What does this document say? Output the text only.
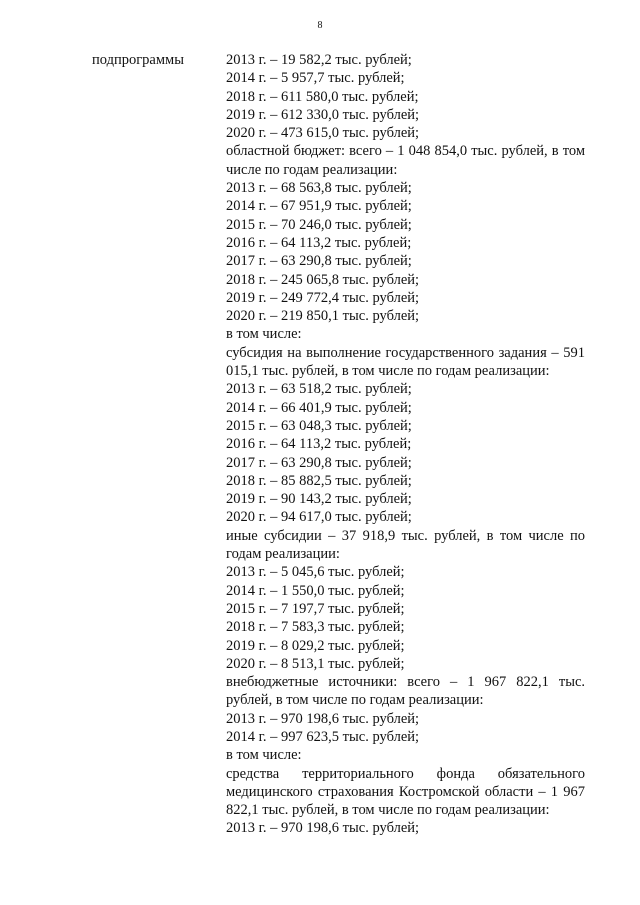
8
подпрограммы	2013 г. – 19 582,2 тыс. рублей;
2014 г. – 5 957,7 тыс. рублей;
2018 г. – 611 580,0 тыс. рублей;
2019 г. – 612 330,0 тыс. рублей;
2020 г. – 473 615,0 тыс. рублей;
областной бюджет: всего – 1 048 854,0 тыс. рублей, в том числе по годам реализации:
2013 г. – 68 563,8 тыс. рублей;
2014 г. – 67 951,9 тыс. рублей;
2015 г. – 70 246,0 тыс. рублей;
2016 г. – 64 113,2 тыс. рублей;
2017 г. – 63 290,8 тыс. рублей;
2018 г. – 245 065,8 тыс. рублей;
2019 г. – 249 772,4 тыс. рублей;
2020 г. – 219 850,1 тыс. рублей;
в том числе:
субсидия на выполнение государственного задания – 591 015,1 тыс. рублей, в том числе по годам реализации:
2013 г. – 63 518,2 тыс. рублей;
2014 г. – 66 401,9 тыс. рублей;
2015 г. – 63 048,3 тыс. рублей;
2016 г. – 64 113,2 тыс. рублей;
2017 г. – 63 290,8 тыс. рублей;
2018 г. – 85 882,5 тыс. рублей;
2019 г. – 90 143,2 тыс. рублей;
2020 г. – 94 617,0 тыс. рублей;
иные субсидии – 37 918,9 тыс. рублей, в том числе по годам реализации:
2013 г. – 5 045,6 тыс. рублей;
2014 г. – 1 550,0 тыс. рублей;
2015 г. – 7 197,7 тыс. рублей;
2018 г. – 7 583,3 тыс. рублей;
2019 г. – 8 029,2 тыс. рублей;
2020 г. – 8 513,1 тыс. рублей;
внебюджетные источники: всего – 1 967 822,1 тыс. рублей, в том числе по годам реализации:
2013 г. – 970 198,6 тыс. рублей;
2014 г. – 997 623,5 тыс. рублей;
в том числе:
средства территориального фонда обязательного медицинского страхования Костромской области – 1 967 822,1 тыс. рублей, в том числе по годам реализации:
2013 г. – 970 198,6 тыс. рублей;
